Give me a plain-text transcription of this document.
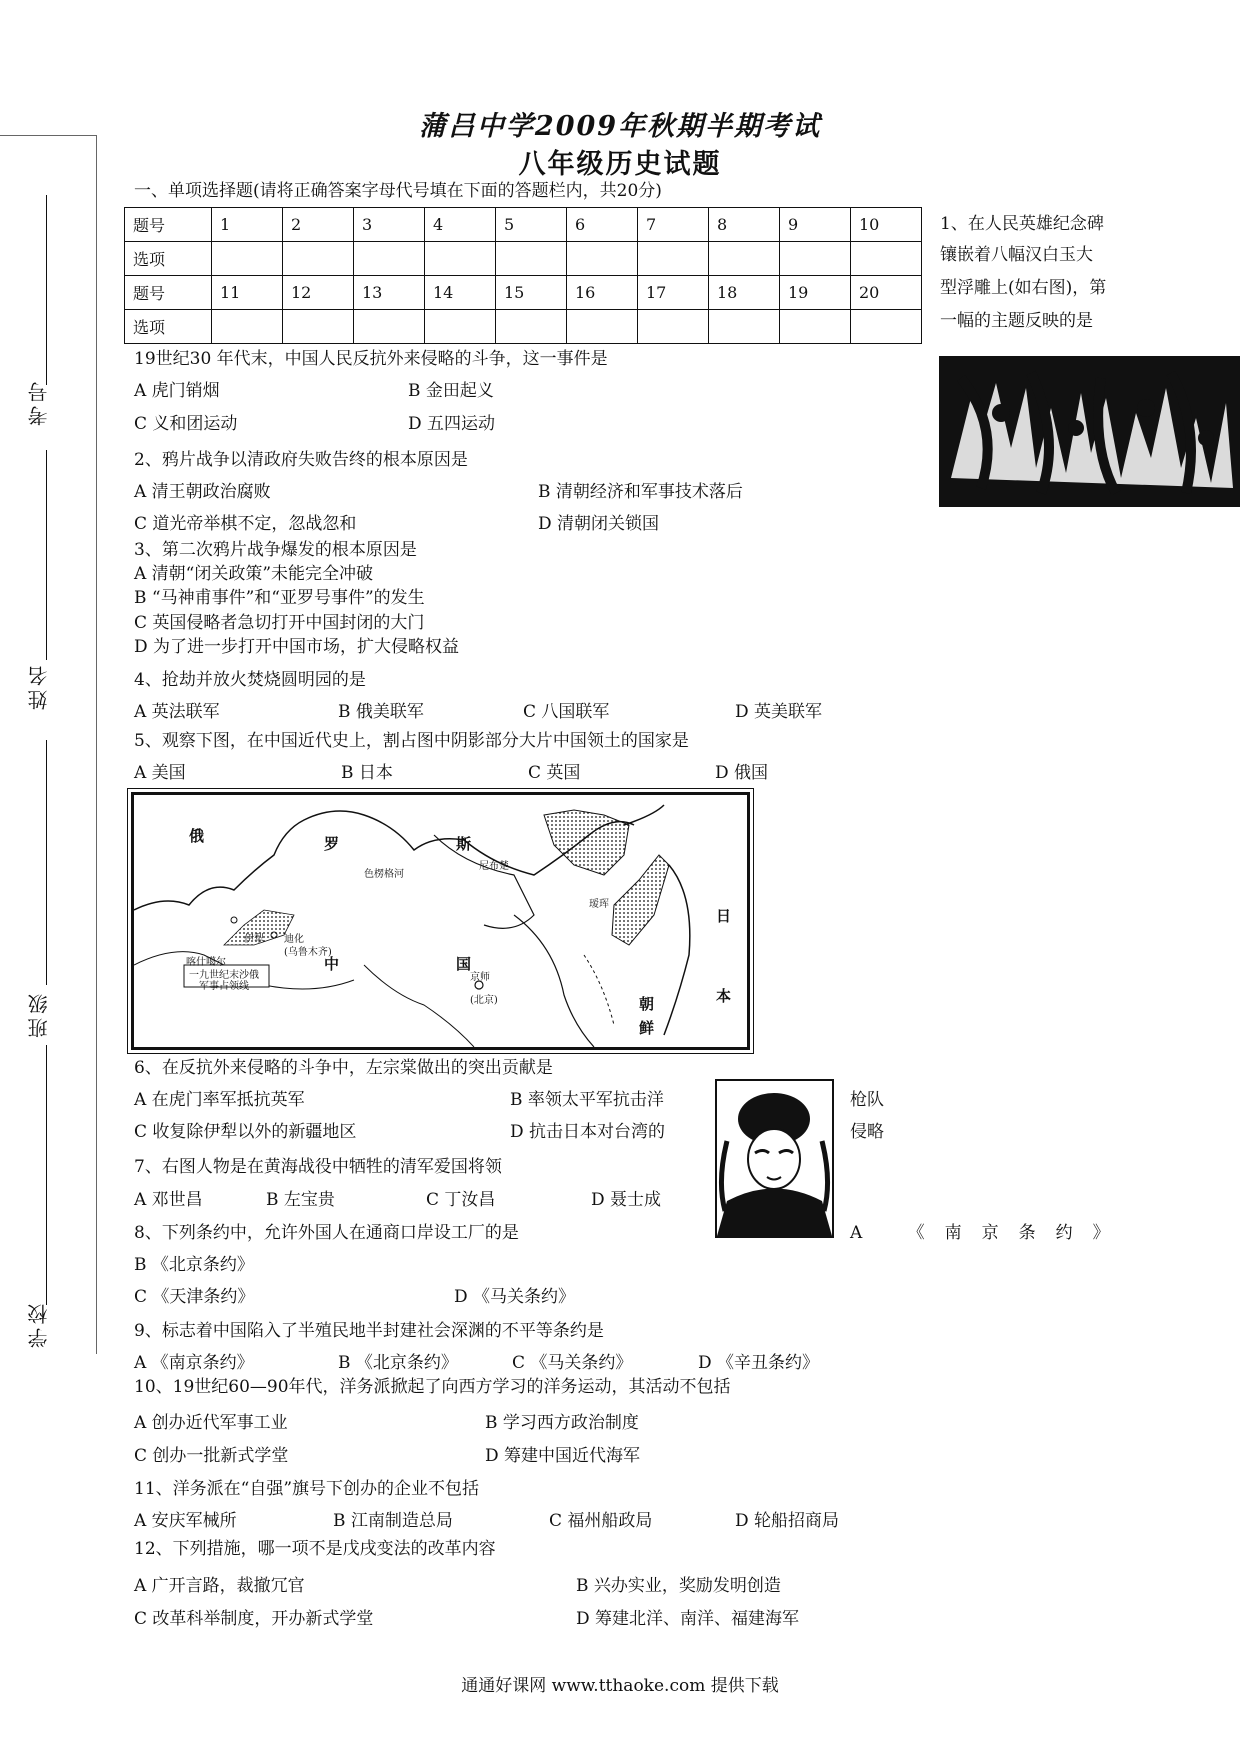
考号
姓名
班级
学校
蒲吕中学2009年秋期半期考试
八年级历史试题
一、单项选择题(请将正确答案字母代号填在下面的答题栏内，共20分)
题号	1	2	3	4	5	6	7	8	9	10
选项										
题号	11	12	13	14	15	16	17	18	19	20
选项										
1、在人民英雄纪念碑
镶嵌着八幅汉白玉大
型浮雕上(如右图)，第
一幅的主题反映的是
19世纪30 年代末，中国人民反抗外来侵略的斗争，这一事件是
A 虎门销烟	B 金田起义
C 义和团运动	D 五四运动
2、鸦片战争以清政府失败告终的根本原因是
A 清王朝政治腐败	B 清朝经济和军事技术落后
C 道光帝举棋不定，忽战忽和	D 清朝闭关锁国
3、第二次鸦片战争爆发的根本原因是
A 清朝“闭关政策”未能完全冲破
B “马神甫事件”和“亚罗号事件”的发生
C 英国侵略者急切打开中国封闭的大门
D 为了进一步打开中国市场，扩大侵略权益
4、抢劫并放火焚烧圆明园的是
A 英法联军	B 俄美联军	C 八国联军	D 英美联军
5、观察下图，在中国近代史上，割占图中阴影部分大片中国领土的国家是
A 美国	B 日本	C 英国	D 俄国
俄	罗	斯
中	国
日
本
朝
鲜
尼布楚
瑷珲
伊犁 迪化
(乌鲁木齐)
京师
(北京)
喀什噶尔
一九世纪末沙俄
军事占领线
色楞格河
6、在反抗外来侵略的斗争中，左宗棠做出的突出贡献是
A 在虎门率军抵抗英军	B 率领太平军抗击洋	枪队
C 收复除伊犁以外的新疆地区	D 抗击日本对台湾的	侵略
7、右图人物是在黄海战役中牺牲的清军爱国将领
A 邓世昌	B 左宝贵	C 丁汝昌	D 聂士成
8、下列条约中，允许外国人在通商口岸设工厂的是	A 《南京条约》
B 《北京条约》
C 《天津条约》	D 《马关条约》
9、标志着中国陷入了半殖民地半封建社会深渊的不平等条约是
A 《南京条约》	B 《北京条约》	C 《马关条约》	D 《辛丑条约》
10、19世纪60—90年代，洋务派掀起了向西方学习的洋务运动，其活动不包括
A 创办近代军事工业	B 学习西方政治制度
C 创办一批新式学堂	D 筹建中国近代海军
11、洋务派在“自强”旗号下创办的企业不包括
A 安庆军械所	B 江南制造总局	C 福州船政局	D 轮船招商局
12、下列措施，哪一项不是戊戌变法的改革内容
A 广开言路，裁撤冗官	B 兴办实业，奖励发明创造
C 改革科举制度，开办新式学堂	D 筹建北洋、南洋、福建海军
通通好课网 www.tthaoke.com 提供下载
